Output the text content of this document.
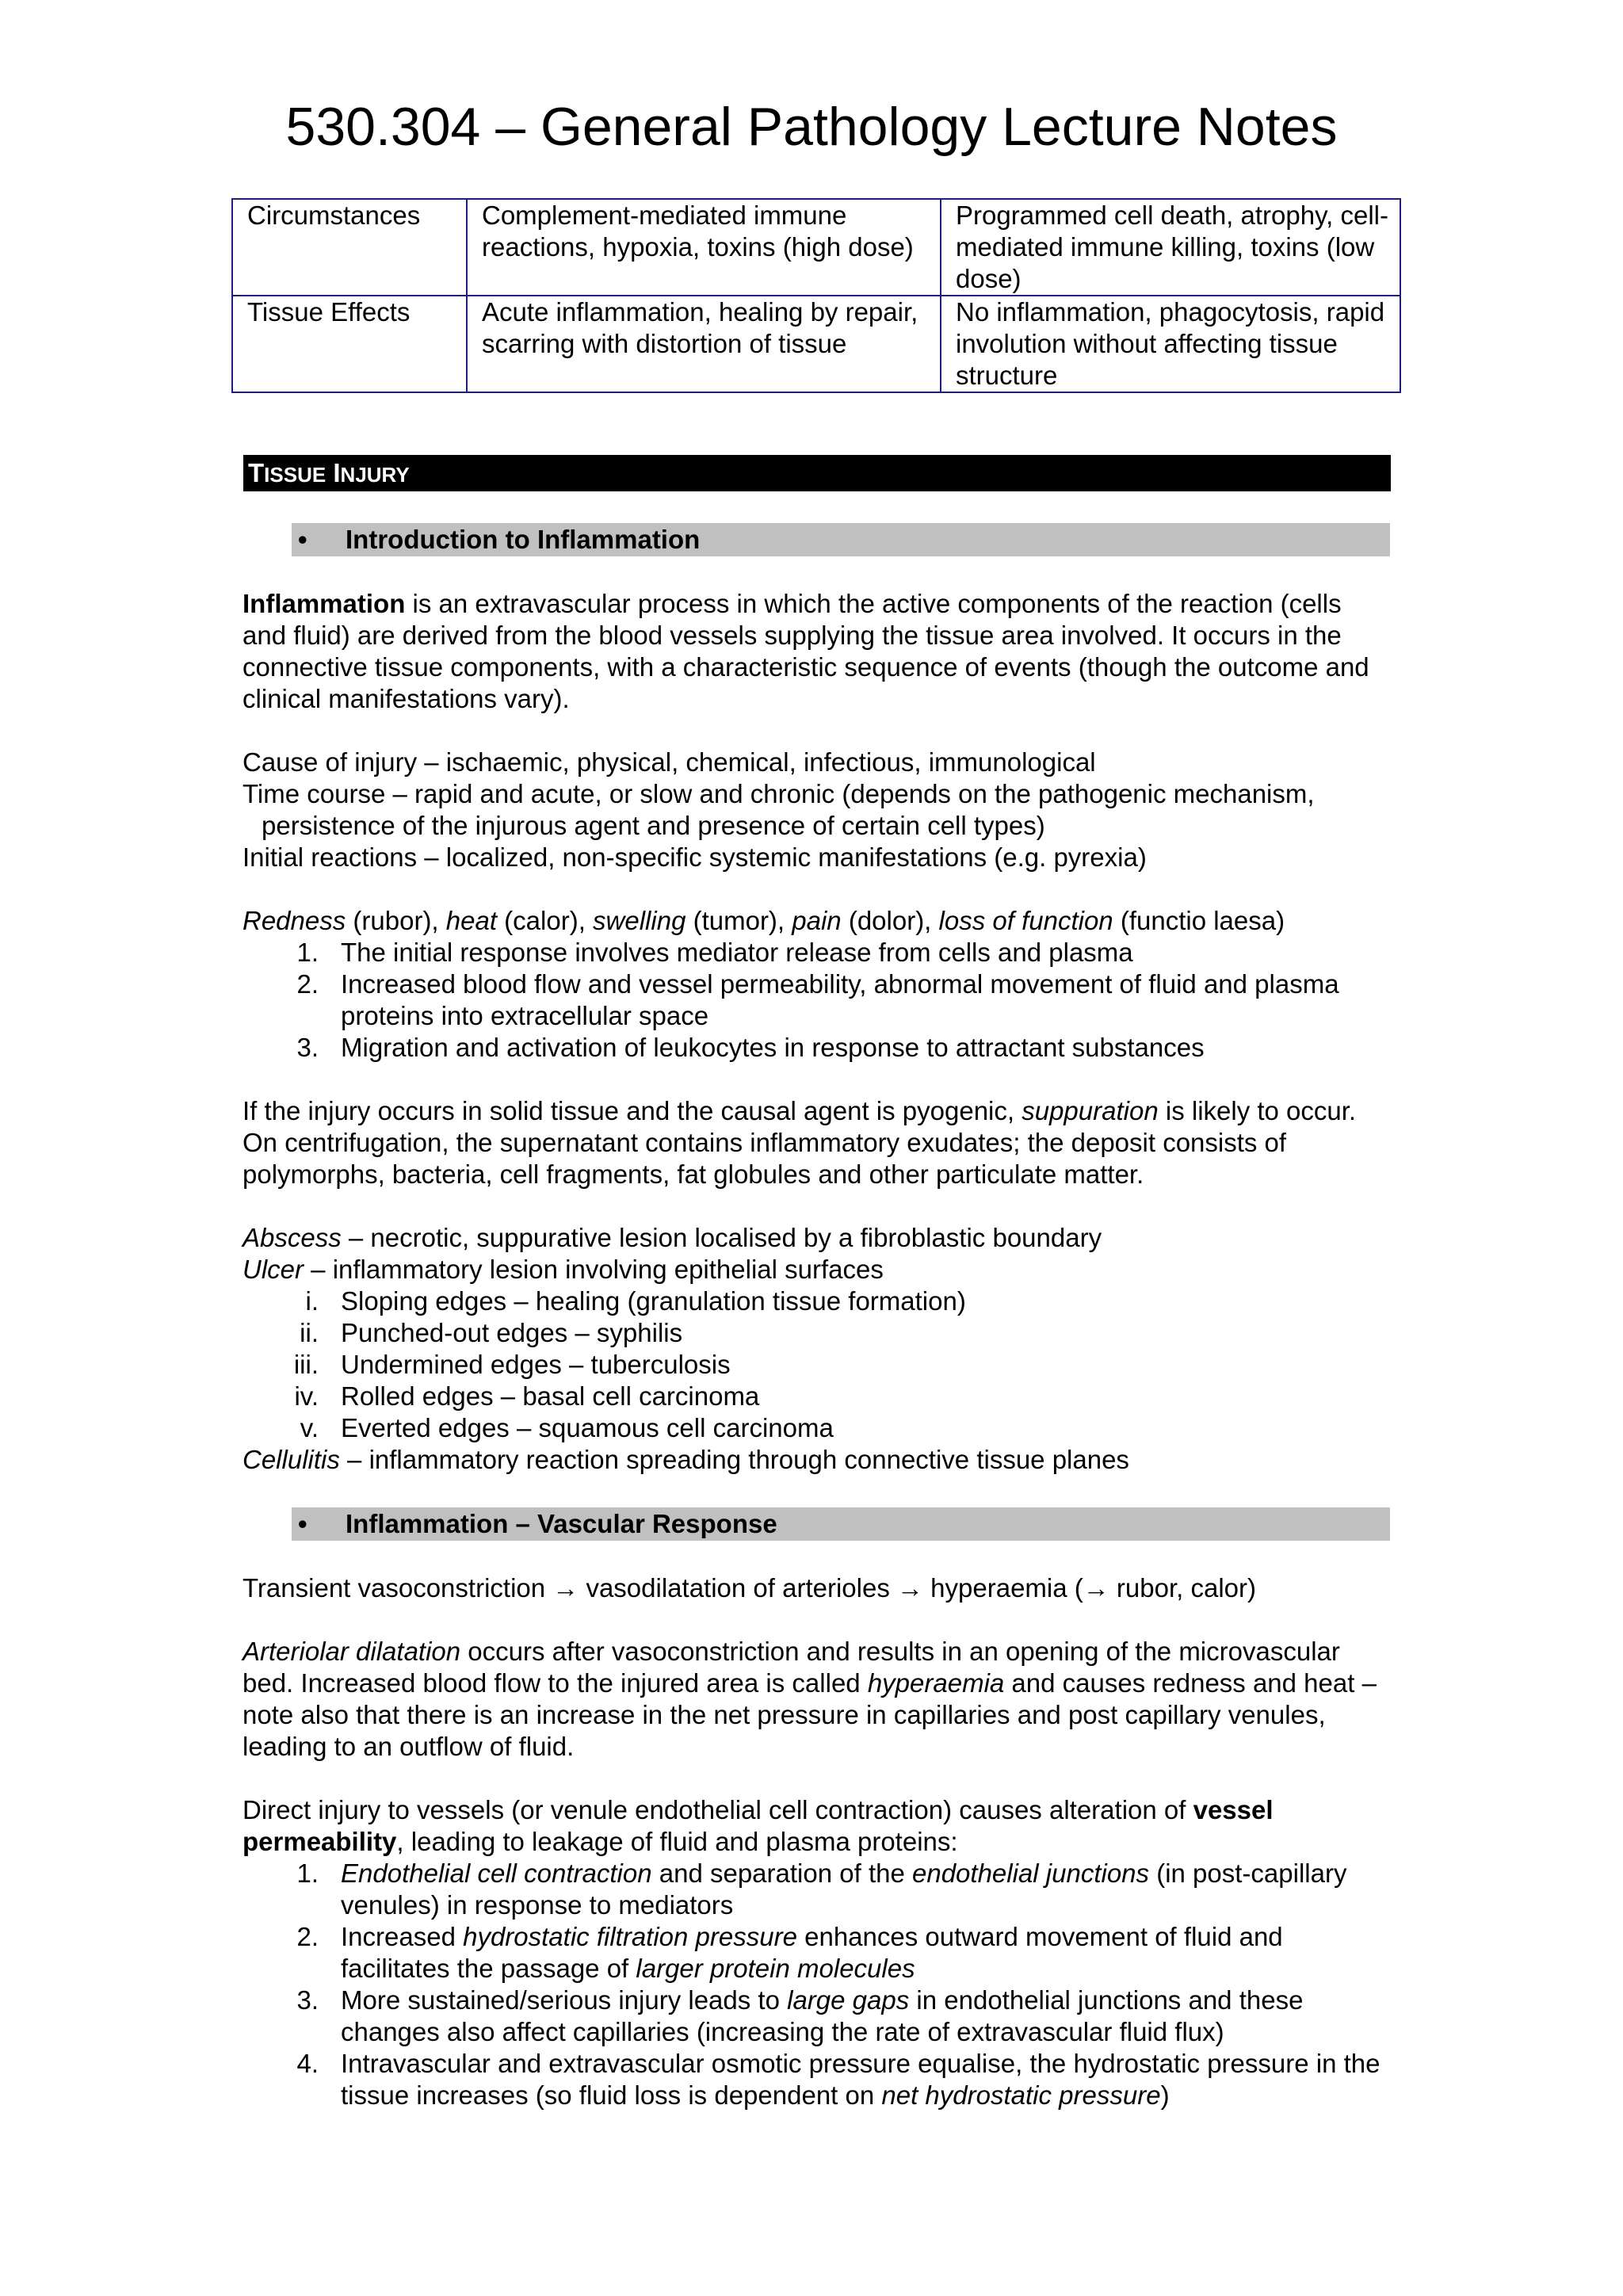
530.304 – General Pathology Lecture Notes
Circumstances	Complement-mediated immune reactions, hypoxia, toxins (high dose)	Programmed cell death, atrophy, cell-mediated immune killing, toxins (low dose)
Tissue Effects	Acute inflammation, healing by repair, scarring with distortion of tissue	No inflammation, phagocytosis, rapid involution without affecting tissue structure
TISSUE INJURY
• Introduction to Inflammation

Inflammation is an extravascular process in which the active components of the reaction (cells and fluid) are derived from the blood vessels supplying the tissue area involved. It occurs in the connective tissue components, with a characteristic sequence of events (though the outcome and clinical manifestations vary).

Cause of injury – ischaemic, physical, chemical, infectious, immunological

Time course – rapid and acute, or slow and chronic (depends on the pathogenic mechanism, persistence of the injurous agent and presence of certain cell types)

Initial reactions – localized, non-specific systemic manifestations (e.g. pyrexia)

Redness (rubor), heat (calor), swelling (tumor), pain (dolor), loss of function (functio laesa)

1. The initial response involves mediator release from cells and plasma
2. Increased blood flow and vessel permeability, abnormal movement of fluid and plasma proteins into extracellular space
3. Migration and activation of leukocytes in response to attractant substances

If the injury occurs in solid tissue and the causal agent is pyogenic, suppuration is likely to occur. On centrifugation, the supernatant contains inflammatory exudates; the deposit consists of polymorphs, bacteria, cell fragments, fat globules and other particulate matter.

Abscess – necrotic, suppurative lesion localised by a fibroblastic boundary

Ulcer – inflammatory lesion involving epithelial surfaces

i. Sloping edges – healing (granulation tissue formation)
ii. Punched-out edges – syphilis
iii. Undermined edges – tuberculosis
iv. Rolled edges – basal cell carcinoma
v. Everted edges – squamous cell carcinoma

Cellulitis – inflammatory reaction spreading through connective tissue planes

• Inflammation – Vascular Response

Transient vasoconstriction → vasodilatation of arterioles → hyperaemia (→ rubor, calor)

Arteriolar dilatation occurs after vasoconstriction and results in an opening of the microvascular bed. Increased blood flow to the injured area is called hyperaemia and causes redness and heat – note also that there is an increase in the net pressure in capillaries and post capillary venules, leading to an outflow of fluid.

Direct injury to vessels (or venule endothelial cell contraction) causes alteration of vessel permeability, leading to leakage of fluid and plasma proteins:

1. Endothelial cell contraction and separation of the endothelial junctions (in post-capillary venules) in response to mediators
2. Increased hydrostatic filtration pressure enhances outward movement of fluid and facilitates the passage of larger protein molecules
3. More sustained/serious injury leads to large gaps in endothelial junctions and these changes also affect capillaries (increasing the rate of extravascular fluid flux)
4. Intravascular and extravascular osmotic pressure equalise, the hydrostatic pressure in the tissue increases (so fluid loss is dependent on net hydrostatic pressure)
